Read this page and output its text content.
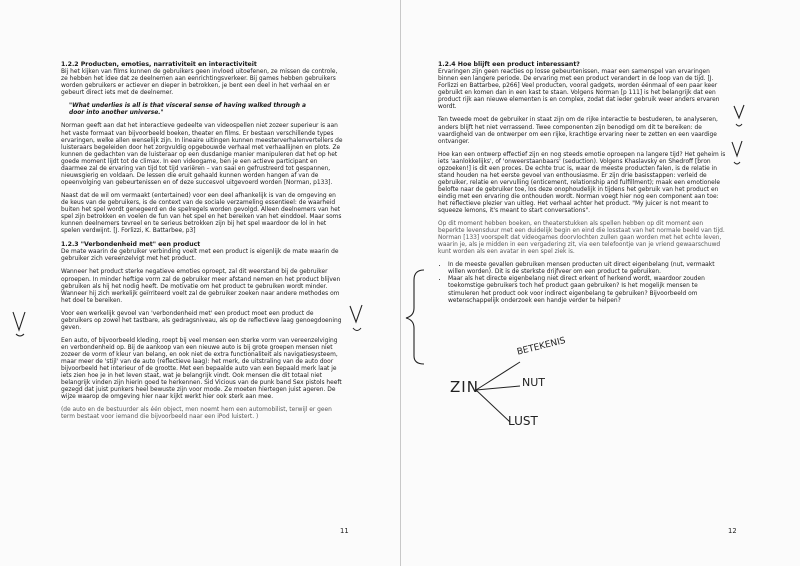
1.2.2 Producten, emoties, narrativiteit en interactiviteit

Bij het kijken van films kunnen de gebruikers geen invloed uitoefenen, ze missen de controle, ze hebben het idee dat ze deelnemen aan eenrichtingsverkeer. Bij games hebben gebruikers worden gebruikers er actiever en dieper in betrokken, je bent een deel in het verhaal en er gebeurt direct iets met de deelnemer.

"What underlies is all is that visceral sense of having walked through a door into another universe."

Norman geeft aan dat het interactieve gedeelte van videospellen niet zozeer superieur is aan het vaste formaat van bijvoorbeeld boeken, theater en films. Er bestaan verschillende types ervaringen, welke allen wenselijk zijn. In lineaire uitingen kunnen meesterverhalenvertellers de luisteraars begeleiden door het zorgvuldig opgebouwde verhaal met verhaallijnen en plots. Ze kunnen de gedachten van de luisteraar op een dusdanige manier manipuleren dat het op het goede moment lijdt tot de climax. In een videogame, ben je een actieve participant en daarmee zal de ervaring van tijd tot tijd variëren – van saai en gefrustreerd tot gespannen, nieuwsgierig en voldaan. De lessen die eruit gehaald kunnen worden hangen af van de opeenvolging van gebeurtenissen en of deze succesvol uitgevoerd worden [Norman, p133].

Naast dat de wil om vermaakt (entertained) voor een deel afhankelijk is van de omgeving en de keus van de gebruikers, is de context van de sociale verzameling essentieel: de waarheid buiten het spel wordt genegeerd en de spelregels worden gevolgd. Alleen deelnemers van het spel zijn betrokken en voelen de fun van het spel en het bereiken van het einddoel. Maar soms kunnen deelnemers tevreel en te serieus betrokken zijn bij het spel waardoor de lol in het spelen verdwijnt. [J. Forlizzi, K. Battarbee, p3]

1.2.3 "Verbondenheid met" een product

De mate waarin de gebruiker verbinding voelt met een product is eigenlijk de mate waarin de gebruiker zich vereenzelvigt met het product.

Wanneer het product sterke negatieve emoties oproept, zal dit weerstand bij de gebruiker oproepen. In minder heftige vorm zal de gebruiker meer afstand nemen en het product blijven gebruiken als hij het nodig heeft. De motivatie om het product te gebruiken wordt minder. Wanneer hij zich werkelijk geïrriteerd voelt zal de gebruiker zoeken naar andere methodes om het doel te bereiken.

Voor een werkelijk gevoel van 'verbondenheid met' een product moet een product de gebruikers op zowel het tastbare, als gedragsniveau, als op de reflectieve laag genoegdoening geven.

Een auto, of bijvoorbeeld kleding, roept bij veel mensen een sterke vorm van vereenzelviging en verbondenheid op. Bij de aankoop van een nieuwe auto is bij grote groepen mensen niet zozeer de vorm of kleur van belang, en ook niet de extra functionaliteit als navigatiesysteem, maar meer de 'stijl' van de auto (reflectieve laag): het merk, de uitstraling van de auto door bijvoorbeeld het interieur of de grootte. Met een bepaalde auto van een bepaald merk laat je iets zien hoe je in het leven staat, wat je belangrijk vindt. Ook mensen die dit totaal niet belangrijk vinden zijn hierin goed te herkennen. Sid Vicious van de punk band Sex pistols heeft gezegd dat juist punkers heel bewuste zijn voor mode. Ze moeten hiertegen juist ageren. De wijze waarop de omgeving hier naar kijkt werkt hier ook sterk aan mee.

(de auto en de bestuurder als één object, men noemt hem een automobilist, terwijl er geen term bestaat voor iemand die bijvoorbeeld naar een iPod luistert. )

11
1.2.4 Hoe blijft een product interessant?

Ervaringen zijn geen reacties op losse gebeurtenissen, maar een samenspel van ervaringen binnen een langere periode. De ervaring met een product verandert in de loop van de tijd. [J. Forlizzi en Battarbee, p266] Veel producten, vooral gadgets, worden éénmaal of een paar keer gebruikt en komen dan in een kast te staan. Volgens Norman [p 111] is het belangrijk dat een product rijk aan nieuwe elementen is en complex, zodat dat ieder gebruik weer anders ervaren wordt.

Ten tweede moet de gebruiker in staat zijn om de rijke interactie te bestuderen, te analyseren, anders blijft het niet verrassend. Twee componenten zijn benodigd om dit te bereiken: de vaardigheid van de ontwerper om een rijke, krachtige ervaring neer te zetten en een vaardige ontvanger.

Hoe kan een ontwerp effectief zijn en nog steeds emotie oproepen na langere tijd? Het geheim is iets 'aanlokkelijks', of 'onweerstaanbaars' (seduction). Volgens Khaslavsky en Shedroff [bron opzoeken!] is dit een proces. De echte truc is, waar de meeste producten falen, is de relatie in stand houden na het eerste gevoel van enthousiasme. Er zijn drie basisstappen: verleid de gebruiker, relatie en vervulling (enticement, relationship and fulfillment); maak een emotionele belofte naar de gebruiker toe, los deze onophoudelijk in tijdens het gebruik van het product en eindig met een ervaring die onthouden wordt. Norman voegt hier nog een component aan toe: het reflectieve plezier van uitleg. Het verhaal achter het product. "My juicer is not meant to squeeze lemons, it's meant to start conversations".

Op dit moment hebben boeken, en theaterstukken als spellen hebben op dit moment een beperkte levensduur met een duidelijk begin en eind die losstaat van het normale beeld van tijd. Norman [133] voorspelt dat videogames doorvlochten zullen gaan worden met het echte leven, waarin je, als je midden in een vergadering zit, via een telefoontje van je vriend gewaarschuwd kunt worden als een avatar in een spel ziek is.

• In de meeste gevallen gebruiken mensen producten uit direct eigenbelang (nut, vermaakt willen worden). Dit is de sterkste drijfveer om een product te gebruiken.
• Maar als het directe eigenbelang niet direct erkent of herkend wordt, waardoor zouden toekomstige gebruikers toch het product gaan gebruiken? Is het mogelijk mensen te stimuleren het product ook voor indirect eigenbelang te gebruiken? Bijvoorbeeld om wetenschappelijk onderzoek een handje verder te helpen?
12
ZIN
BETEKENIS
NUT
LUST
